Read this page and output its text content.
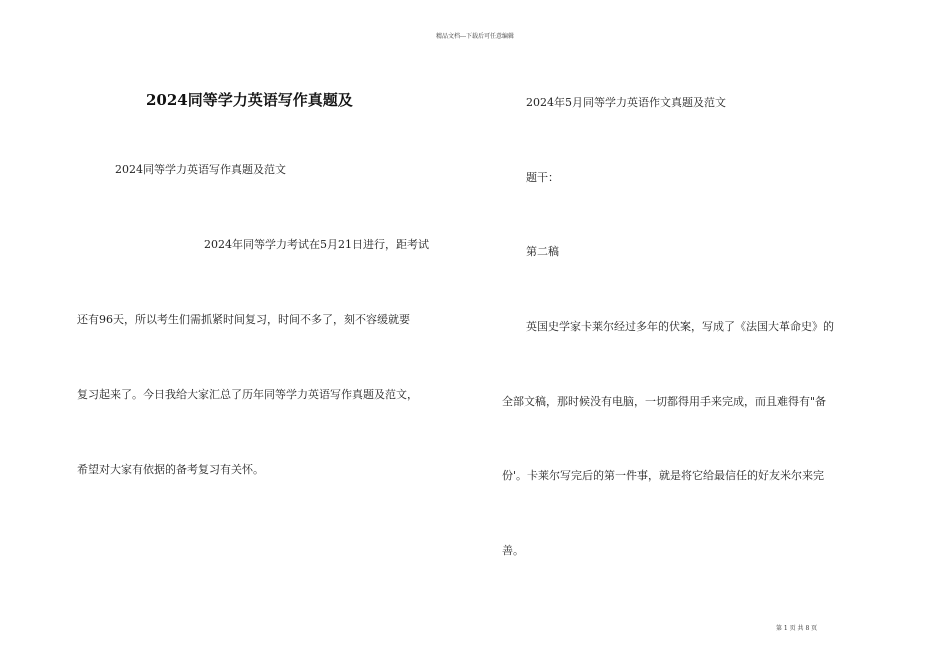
精品文档---下载后可任意编辑
2024同等学力英语写作真题及
2024同等学力英语写作真题及范文
2024年同等学力考试在5月21日进行，距考试
还有96天，所以考生们需抓紧时间复习，时间不多了，刻不容缓就要
复习起来了。今日我给大家汇总了历年同等学力英语写作真题及范文，
希望对大家有依据的备考复习有关怀。
2024年5月同等学力英语作文真题及范文
题干：
第二稿
英国史学家卡莱尔经过多年的伏案，写成了《法国大革命史》的
全部文稿，那时候没有电脑，一切都得用手来完成，而且难得有"备
份'。卡莱尔写完后的第一件事，就是将它给最信任的好友米尔来完
善。
第 1 页 共 8 页
